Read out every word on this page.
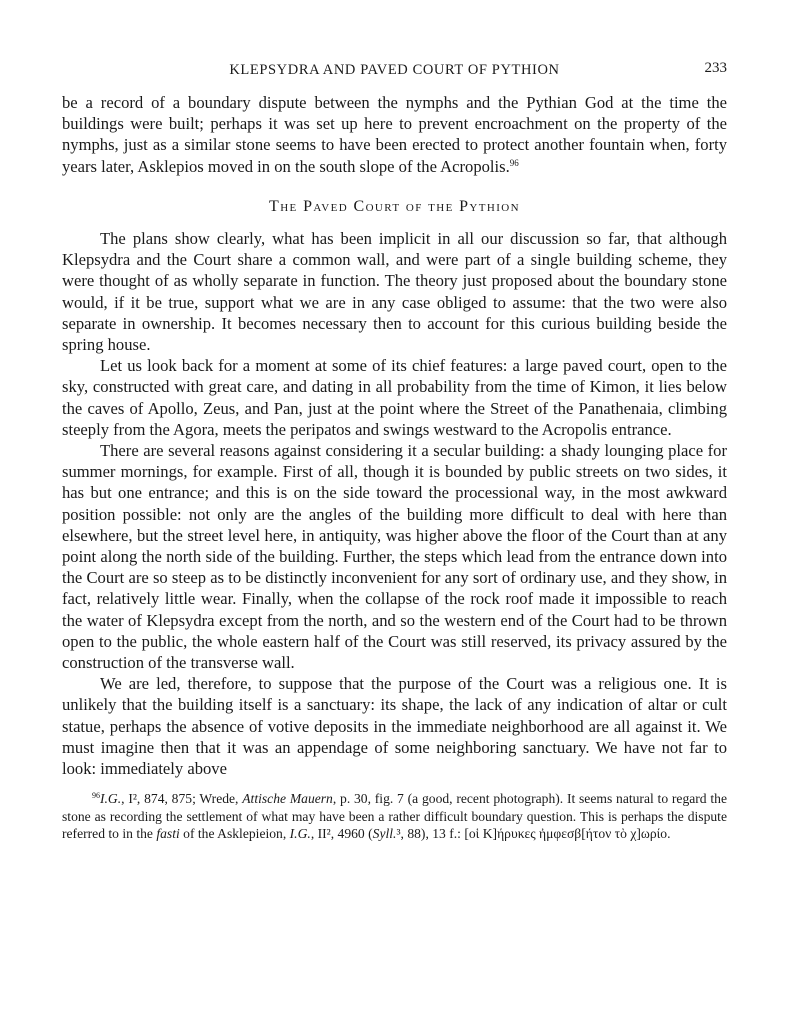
KLEPSYDRA AND PAVED COURT OF PYTHION	233

be a record of a boundary dispute between the nymphs and the Pythian God at the time the buildings were built; perhaps it was set up here to prevent encroachment on the property of the nymphs, just as a similar stone seems to have been erected to protect another fountain when, forty years later, Asklepios moved in on the south slope of the Acropolis.$^{96}$

The Paved Court of the Pythion

The plans show clearly, what has been implicit in all our discussion so far, that although Klepsydra and the Court share a common wall, and were part of a single building scheme, they were thought of as wholly separate in function. The theory just proposed about the boundary stone would, if it be true, support what we are in any case obliged to assume: that the two were also separate in ownership. It becomes necessary then to account for this curious building beside the spring house.

Let us look back for a moment at some of its chief features: a large paved court, open to the sky, constructed with great care, and dating in all probability from the time of Kimon, it lies below the caves of Apollo, Zeus, and Pan, just at the point where the Street of the Panathenaia, climbing steeply from the Agora, meets the peripatos and swings westward to the Acropolis entrance.

There are several reasons against considering it a secular building: a shady lounging place for summer mornings, for example. First of all, though it is bounded by public streets on two sides, it has but one entrance; and this is on the side toward the processional way, in the most awkward position possible: not only are the angles of the building more difficult to deal with here than elsewhere, but the street level here, in antiquity, was higher above the floor of the Court than at any point along the north side of the building. Further, the steps which lead from the entrance down into the Court are so steep as to be distinctly inconvenient for any sort of ordinary use, and they show, in fact, relatively little wear. Finally, when the collapse of the rock roof made it impossible to reach the water of Klepsydra except from the north, and so the western end of the Court had to be thrown open to the public, the whole eastern half of the Court was still reserved, its privacy assured by the construction of the transverse wall.

We are led, therefore, to suppose that the purpose of the Court was a religious one. It is unlikely that the building itself is a sanctuary: its shape, the lack of any indication of altar or cult statue, perhaps the absence of votive deposits in the immediate neighborhood are all against it. We must imagine then that it was an appendage of some neighboring sanctuary. We have not far to look: immediately above

$^{96}$I.G., I², 874, 875; Wrede, Attische Mauern, p. 30, fig. 7 (a good, recent photograph). It seems natural to regard the stone as recording the settlement of what may have been a rather difficult boundary question. This is perhaps the dispute referred to in the fasti of the Asklepieion, I.G., II², 4960 (Syll.³, 88), 13 f.: [οἱ Κ]ήρυκες ἠμφεσβ[ήτον τὸ χ]ωρίο.
